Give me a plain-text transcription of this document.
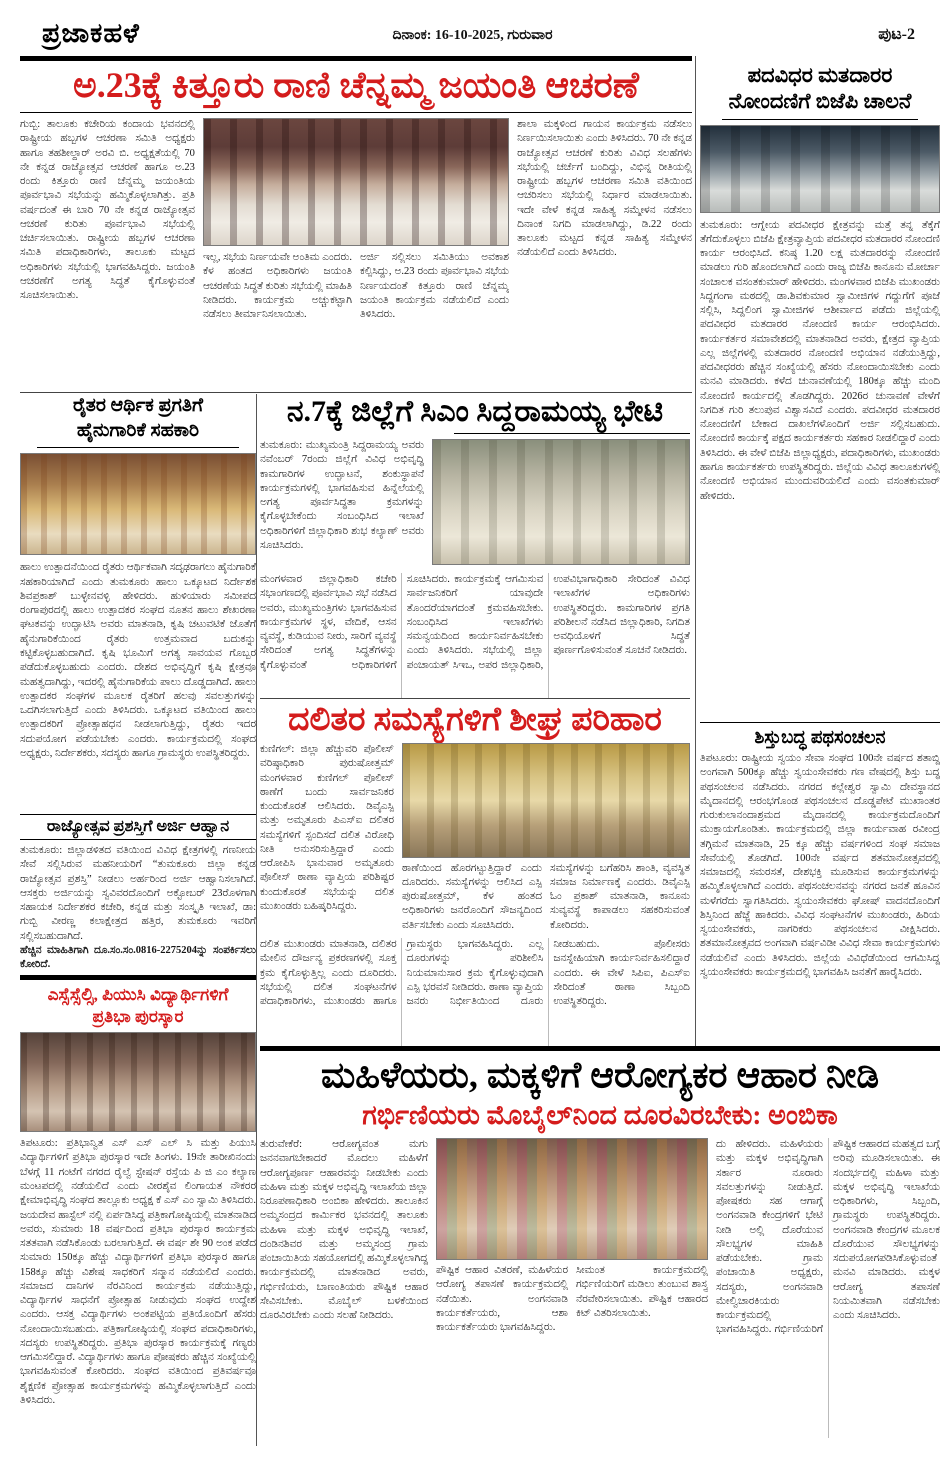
ಪ್ರಜಾಕಹಳೆ	ದಿನಾಂಕ: 16-10-2025, ಗುರುವಾರ	ಪುಟ-2
ಅ.23ಕ್ಕೆ ಕಿತ್ತೂರು ರಾಣಿ ಚೆನ್ನಮ್ಮ ಜಯಂತಿ ಆಚರಣೆ
ಗುಬ್ಬಿ: ತಾಲೂಕು ಕಚೇರಿಯ ಕಂದಾಯ ಭವನದಲ್ಲಿ ರಾಷ್ಟ್ರೀಯ ಹಬ್ಬಗಳ ಆಚರಣಾ ಸಮಿತಿ ಅಧ್ಯಕ್ಷರು ಹಾಗೂ ತಹಶೀಲ್ದಾರ್ ಅರವಿ ಬಿ. ಅಧ್ಯಕ್ಷತೆಯಲ್ಲಿ 70 ನೇ ಕನ್ನಡ ರಾಜ್ಯೋತ್ಸವ ಆಚರಣೆ ಹಾಗೂ ಅ.23 ರಂದು ಕಿತ್ತೂರು ರಾಣಿ ಚೆನ್ನಮ್ಮ ಜಯಂತಿಯ ಪೂರ್ವಭಾವಿ ಸಭೆಯನ್ನು ಹಮ್ಮಿಕೊಳ್ಳಲಾಗಿತ್ತು. ಪ್ರತಿ ವರ್ಷದಂತೆ ಈ ಬಾರಿ 70 ನೇ ಕನ್ನಡ ರಾಜ್ಯೋತ್ಸವ ಆಚರಣೆ ಕುರಿತು ಪೂರ್ವಭಾವಿ ಸಭೆಯಲ್ಲಿ ಚರ್ಚಿಸಲಾಯಿತು. ರಾಷ್ಟ್ರೀಯ ಹಬ್ಬಗಳ ಆಚರಣಾ ಸಮಿತಿ ಪದಾಧಿಕಾರಿಗಳು, ತಾಲೂಕು ಮಟ್ಟದ ಅಧಿಕಾರಿಗಳು ಸಭೆಯಲ್ಲಿ ಭಾಗವಹಿಸಿದ್ದರು. ಜಯಂತಿ ಆಚರಣೆಗೆ ಅಗತ್ಯ ಸಿದ್ಧತೆ ಕೈಗೊಳ್ಳುವಂತೆ ಸೂಚಿಸಲಾಯಿತು.
ಇಲ್ಲ, ಸಭೆಯ ನಿರ್ಣಯವೇ ಅಂತಿಮ ಎಂದರು. ಕೆಳ ಹಂತದ ಅಧಿಕಾರಿಗಳು ಜಯಂತಿ ಆಚರಣೆಯ ಸಿದ್ಧತೆ ಕುರಿತು ಸಭೆಯಲ್ಲಿ ಮಾಹಿತಿ ನೀಡಿದರು. ಕಾರ್ಯಕ್ರಮ ಅಚ್ಚುಕಟ್ಟಾಗಿ ನಡೆಸಲು ತೀರ್ಮಾನಿಸಲಾಯಿತು.
ಅರ್ಜಿ ಸಲ್ಲಿಸಲು ಸಮಿತಿಯು ಅವಕಾಶ ಕಲ್ಪಿಸಿದ್ದು, ಅ.23 ರಂದು ಪೂರ್ವಭಾವಿ ಸಭೆಯ ನಿರ್ಣಯದಂತೆ ಕಿತ್ತೂರು ರಾಣಿ ಚೆನ್ನಮ್ಮ ಜಯಂತಿ ಕಾರ್ಯಕ್ರಮ ನಡೆಯಲಿದೆ ಎಂದು ತಿಳಿಸಿದರು.
ಶಾಲಾ ಮಕ್ಕಳಿಂದ ಗಾಯನ ಕಾರ್ಯಕ್ರಮ ನಡೆಸಲು ನಿರ್ಣಯಿಸಲಾಯಿತು ಎಂದು ತಿಳಿಸಿದರು. 70 ನೇ ಕನ್ನಡ ರಾಜ್ಯೋತ್ಸವ ಆಚರಣೆ ಕುರಿತು ವಿವಿಧ ಸಲಹೆಗಳು ಸಭೆಯಲ್ಲಿ ಚರ್ಚೆಗೆ ಬಂದಿದ್ದು, ವಿಭಿನ್ನ ರೀತಿಯಲ್ಲಿ ರಾಷ್ಟ್ರೀಯ ಹಬ್ಬಗಳ ಆಚರಣಾ ಸಮಿತಿ ವತಿಯಿಂದ ಆಚರಿಸಲು ಸಭೆಯಲ್ಲಿ ನಿರ್ಧಾರ ಮಾಡಲಾಯಿತು. ಇದೇ ವೇಳೆ ಕನ್ನಡ ಸಾಹಿತ್ಯ ಸಮ್ಮೇಳನ ನಡೆಸಲು ದಿನಾಂಕ ನಿಗದಿ ಮಾಡಲಾಗಿದ್ದು, ಡಿ.22 ರಂದು ತಾಲೂಕು ಮಟ್ಟದ ಕನ್ನಡ ಸಾಹಿತ್ಯ ಸಮ್ಮೇಳನ ನಡೆಯಲಿದೆ ಎಂದು ತಿಳಿಸಿದರು.
ಪದವಿಧರ ಮತದಾರರ
ನೋಂದಣಿಗೆ ಬಿಜೆಪಿ ಚಾಲನೆ
ತುಮಕೂರು: ಆಗ್ನೇಯ ಪದವೀಧರ ಕ್ಷೇತ್ರವನ್ನು ಮತ್ತೆ ತನ್ನ ತೆಕ್ಕೆಗೆ ತೆಗೆದುಕೊಳ್ಳಲು ಬಿಜೆಪಿ ಕ್ಷೇತ್ರವ್ಯಾಪ್ತಿಯ ಪದವೀಧರ ಮತದಾರರ ನೋಂದಣಿ ಕಾರ್ಯ ಆರಂಭಿಸಿದೆ. ಕನಿಷ್ಠ 1.20 ಲಕ್ಷ ಮತದಾರರನ್ನು ನೋಂದಣಿ ಮಾಡಲು ಗುರಿ ಹೊಂದಲಾಗಿದೆ ಎಂದು ರಾಜ್ಯ ಬಿಜೆಪಿ ಕಾನೂನು ಮೋರ್ಚಾ ಸಂಚಾಲಕ ವಸಂತಕುಮಾರ್ ಹೇಳಿದರು. ಮಂಗಳವಾರ ಬಿಜೆಪಿ ಮುಖಂಡರು ಸಿದ್ದಗಂಗಾ ಮಠದಲ್ಲಿ ಡಾ.ಶಿವಕುಮಾರ ಸ್ವಾಮೀಜಿಗಳ ಗದ್ದುಗೆಗೆ ಪೂಜೆ ಸಲ್ಲಿಸಿ, ಸಿದ್ದಲಿಂಗ ಸ್ವಾಮೀಜಿಗಳ ಆಶೀರ್ವಾದ ಪಡೆದು ಜಿಲ್ಲೆಯಲ್ಲಿ ಪದವೀಧರ ಮತದಾರರ ನೋಂದಣಿ ಕಾರ್ಯ ಆರಂಭಿಸಿದರು. ಕಾರ್ಯಕರ್ತರ ಸಮಾವೇಶದಲ್ಲಿ ಮಾತನಾಡಿದ ಅವರು, ಕ್ಷೇತ್ರದ ವ್ಯಾಪ್ತಿಯ ಎಲ್ಲ ಜಿಲ್ಲೆಗಳಲ್ಲಿ ಮತದಾರರ ನೋಂದಣಿ ಅಭಿಯಾನ ನಡೆಯುತ್ತಿದ್ದು, ಪದವೀಧರರು ಹೆಚ್ಚಿನ ಸಂಖ್ಯೆಯಲ್ಲಿ ಹೆಸರು ನೋಂದಾಯಿಸಬೇಕು ಎಂದು ಮನವಿ ಮಾಡಿದರು. ಕಳೆದ ಚುನಾವಣೆಯಲ್ಲಿ 180ಕ್ಕೂ ಹೆಚ್ಚು ಮಂದಿ ನೋಂದಣಿ ಕಾರ್ಯದಲ್ಲಿ ತೊಡಗಿದ್ದರು. 2026ರ ಚುನಾವಣೆ ವೇಳೆಗೆ ನಿಗದಿತ ಗುರಿ ತಲುಪುವ ವಿಶ್ವಾಸವಿದೆ ಎಂದರು. ಪದವೀಧರ ಮತದಾರರ ನೋಂದಣಿಗೆ ಬೇಕಾದ ದಾಖಲೆಗಳೊಂದಿಗೆ ಅರ್ಜಿ ಸಲ್ಲಿಸಬಹುದು. ನೋಂದಣಿ ಕಾರ್ಯಕ್ಕೆ ಪಕ್ಷದ ಕಾರ್ಯಕರ್ತರು ಸಹಕಾರ ನೀಡಲಿದ್ದಾರೆ ಎಂದು ತಿಳಿಸಿದರು. ಈ ವೇಳೆ ಬಿಜೆಪಿ ಜಿಲ್ಲಾಧ್ಯಕ್ಷರು, ಪದಾಧಿಕಾರಿಗಳು, ಮುಖಂಡರು ಹಾಗೂ ಕಾರ್ಯಕರ್ತರು ಉಪಸ್ಥಿತರಿದ್ದರು. ಜಿಲ್ಲೆಯ ವಿವಿಧ ತಾಲೂಕುಗಳಲ್ಲಿ ನೋಂದಣಿ ಅಭಿಯಾನ ಮುಂದುವರಿಯಲಿದೆ ಎಂದು ವಸಂತಕುಮಾರ್ ಹೇಳಿದರು.
ರೈತರ ಆರ್ಥಿಕ ಪ್ರಗತಿಗೆ
ಹೈನುಗಾರಿಕೆ ಸಹಕಾರಿ
ಹಾಲು ಉತ್ಪಾದನೆಯಿಂದ ರೈತರು ಆರ್ಥಿಕವಾಗಿ ಸದೃಢರಾಗಲು ಹೈನುಗಾರಿಕೆ ಸಹಕಾರಿಯಾಗಿದೆ ಎಂದು ತುಮಕೂರು ಹಾಲು ಒಕ್ಕೂಟದ ನಿರ್ದೇಶಕ ಶಿವಪ್ರಕಾಶ್ ಬುಳ್ಳೇನವಳ್ಳಿ ಹೇಳಿದರು. ಹುಳಿಯಾರು ಸಮೀಪದ ರಂಗಾಪುರದಲ್ಲಿ ಹಾಲು ಉತ್ಪಾದಕರ ಸಂಘದ ನೂತನ ಹಾಲು ಶೇಖರಣಾ ಘಟಕವನ್ನು ಉದ್ಘಾಟಿಸಿ ಅವರು ಮಾತನಾಡಿ, ಕೃಷಿ ಚಟುವಟಿಕೆ ಜೊತೆಗೆ ಹೈನುಗಾರಿಕೆಯಿಂದ ರೈತರು ಉತ್ತಮವಾದ ಬದುಕನ್ನು ಕಟ್ಟಿಕೊಳ್ಳಬಹುದಾಗಿದೆ. ಕೃಷಿ ಭೂಮಿಗೆ ಅಗತ್ಯ ಸಾವಯವ ಗೊಬ್ಬರ ಪಡೆದುಕೊಳ್ಳಬಹುದು ಎಂದರು. ದೇಶದ ಅಭಿವೃದ್ಧಿಗೆ ಕೃಷಿ ಕ್ಷೇತ್ರವೂ ಮಹತ್ವದಾಗಿದ್ದು, ಇದರಲ್ಲಿ ಹೈನುಗಾರಿಕೆಯ ಪಾಲು ದೊಡ್ಡದಾಗಿದೆ. ಹಾಲು ಉತ್ಪಾದಕರ ಸಂಘಗಳ ಮೂಲಕ ರೈತರಿಗೆ ಹಲವು ಸವಲತ್ತುಗಳನ್ನು ಒದಗಿಸಲಾಗುತ್ತಿದೆ ಎಂದು ತಿಳಿಸಿದರು. ಒಕ್ಕೂಟದ ವತಿಯಿಂದ ಹಾಲು ಉತ್ಪಾದಕರಿಗೆ ಪ್ರೋತ್ಸಾಹಧನ ನೀಡಲಾಗುತ್ತಿದ್ದು, ರೈತರು ಇದರ ಸದುಪಯೋಗ ಪಡೆಯಬೇಕು ಎಂದರು. ಕಾರ್ಯಕ್ರಮದಲ್ಲಿ ಸಂಘದ ಅಧ್ಯಕ್ಷರು, ನಿರ್ದೇಶಕರು, ಸದಸ್ಯರು ಹಾಗೂ ಗ್ರಾಮಸ್ಥರು ಉಪಸ್ಥಿತರಿದ್ದರು.
ನ.7ಕ್ಕೆ ಜಿಲ್ಲೆಗೆ ಸಿಎಂ ಸಿದ್ದರಾಮಯ್ಯ ಭೇಟಿ
ತುಮಕೂರು: ಮುಖ್ಯಮಂತ್ರಿ ಸಿದ್ದರಾಮಯ್ಯ ಅವರು ನವೆಂಬರ್ 7ರಂದು ಜಿಲ್ಲೆಗೆ ವಿವಿಧ ಅಭಿವೃದ್ಧಿ ಕಾಮಗಾರಿಗಳ ಉದ್ಘಾಟನೆ, ಶಂಕುಸ್ಥಾಪನೆ ಕಾರ್ಯಕ್ರಮಗಳಲ್ಲಿ ಭಾಗವಹಿಸುವ ಹಿನ್ನೆಲೆಯಲ್ಲಿ ಅಗತ್ಯ ಪೂರ್ವಸಿದ್ಧತಾ ಕ್ರಮಗಳನ್ನು ಕೈಗೊಳ್ಳಬೇಕೆಂದು ಸಂಬಂಧಿಸಿದ ಇಲಾಖೆ ಅಧಿಕಾರಿಗಳಿಗೆ ಜಿಲ್ಲಾಧಿಕಾರಿ ಶುಭ ಕಲ್ಯಾಣ್ ಅವರು ಸೂಚಿಸಿದರು.
ಮಂಗಳವಾರ ಜಿಲ್ಲಾಧಿಕಾರಿ ಕಚೇರಿ ಸಭಾಂಗಣದಲ್ಲಿ ಪೂರ್ವಭಾವಿ ಸಭೆ ನಡೆಸಿದ ಅವರು, ಮುಖ್ಯಮಂತ್ರಿಗಳು ಭಾಗವಹಿಸುವ ಕಾರ್ಯಕ್ರಮಗಳ ಸ್ಥಳ, ವೇದಿಕೆ, ಆಸನ ವ್ಯವಸ್ಥೆ, ಕುಡಿಯುವ ನೀರು, ಸಾರಿಗೆ ವ್ಯವಸ್ಥೆ ಸೇರಿದಂತೆ ಅಗತ್ಯ ಸಿದ್ಧತೆಗಳನ್ನು ಕೈಗೊಳ್ಳುವಂತೆ ಅಧಿಕಾರಿಗಳಿಗೆ ಸೂಚಿಸಿದರು. ಕಾರ್ಯಕ್ರಮಕ್ಕೆ ಆಗಮಿಸುವ ಸಾರ್ವಜನಿಕರಿಗೆ ಯಾವುದೇ ತೊಂದರೆಯಾಗದಂತೆ ಕ್ರಮವಹಿಸಬೇಕು. ಸಂಬಂಧಿಸಿದ ಇಲಾಖೆಗಳು ಸಮನ್ವಯದಿಂದ ಕಾರ್ಯನಿರ್ವಹಿಸಬೇಕು ಎಂದು ತಿಳಿಸಿದರು. ಸಭೆಯಲ್ಲಿ ಜಿಲ್ಲಾ ಪಂಚಾಯತ್ ಸಿಇಒ, ಅಪರ ಜಿಲ್ಲಾಧಿಕಾರಿ, ಉಪವಿಭಾಗಾಧಿಕಾರಿ ಸೇರಿದಂತೆ ವಿವಿಧ ಇಲಾಖೆಗಳ ಅಧಿಕಾರಿಗಳು ಉಪಸ್ಥಿತರಿದ್ದರು. ಕಾಮಗಾರಿಗಳ ಪ್ರಗತಿ ಪರಿಶೀಲನೆ ನಡೆಸಿದ ಜಿಲ್ಲಾಧಿಕಾರಿ, ನಿಗದಿತ ಅವಧಿಯೊಳಗೆ ಸಿದ್ಧತೆ ಪೂರ್ಣಗೊಳಿಸುವಂತೆ ಸೂಚನೆ ನೀಡಿದರು.
ದಲಿತರ ಸಮಸ್ಯೆಗಳಿಗೆ ಶೀಘ್ರ ಪರಿಹಾರ
ಕುಣಿಗಲ್: ಜಿಲ್ಲಾ ಹೆಚ್ಚುವರಿ ಪೊಲೀಸ್ ವರಿಷ್ಠಾಧಿಕಾರಿ ಪುರುಷೋತ್ತಮ್ ಮಂಗಳವಾರ ಕುಣಿಗಲ್ ಪೊಲೀಸ್ ಠಾಣೆಗೆ ಬಂದು ಸಾರ್ವಜನಿಕರ ಕುಂದುಕೊರತೆ ಆಲಿಸಿದರು. ಡಿವೈಎಸ್ಪಿ ಮತ್ತು ಅಮೃತೂರು ಪಿಎಸ್ಐ ದಲಿತರ ಸಮಸ್ಯೆಗಳಿಗೆ ಸ್ಪಂದಿಸದೆ ದಲಿತ ವಿರೋಧಿ ನೀತಿ ಅನುಸರಿಸುತ್ತಿದ್ದಾರೆ ಎಂದು ಆರೋಪಿಸಿ ಭಾನುವಾರ ಅಮೃತೂರು ಪೊಲೀಸ್ ಠಾಣಾ ವ್ಯಾಪ್ತಿಯ ಪರಿಶಿಷ್ಟರ ಕುಂದುಕೊರತೆ ಸಭೆಯನ್ನು ದಲಿತ ಮುಖಂಡರು ಬಹಿಷ್ಕರಿಸಿದ್ದರು.
ಠಾಣೆಯಿಂದ ಹೊರಗಟ್ಟುತ್ತಿದ್ದಾರೆ ಎಂದು ದೂರಿದರು. ಸಮಸ್ಯೆಗಳನ್ನು ಆಲಿಸಿದ ಎಸ್ಪಿ ಪುರುಷೋತ್ತಮ್, ಕೆಳ ಹಂತದ ಅಧಿಕಾರಿಗಳು ಜನರೊಂದಿಗೆ ಸೌಜನ್ಯದಿಂದ ವರ್ತಿಸಬೇಕು ಎಂದು ಸೂಚಿಸಿದರು.
ಸಮಸ್ಯೆಗಳನ್ನು ಬಗೆಹರಿಸಿ ಶಾಂತಿ, ವ್ಯವಸ್ಥಿತ ಸಮಾಜ ನಿರ್ಮಾಣಕ್ಕೆ ಎಂದರು. ಡಿವೈಎಸ್ಪಿ ಓಂ ಪ್ರಕಾಶ್ ಮಾತನಾಡಿ, ಕಾನೂನು ಸುವ್ಯವಸ್ಥೆ ಕಾಪಾಡಲು ಸಹಕರಿಸುವಂತೆ ಕೋರಿದರು.
ದಲಿತ ಮುಖಂಡರು ಮಾತನಾಡಿ, ದಲಿತರ ಮೇಲಿನ ದೌರ್ಜನ್ಯ ಪ್ರಕರಣಗಳಲ್ಲಿ ಸೂಕ್ತ ಕ್ರಮ ಕೈಗೊಳ್ಳುತ್ತಿಲ್ಲ ಎಂದು ದೂರಿದರು. ಸಭೆಯಲ್ಲಿ ದಲಿತ ಸಂಘಟನೆಗಳ ಪದಾಧಿಕಾರಿಗಳು, ಮುಖಂಡರು ಹಾಗೂ ಗ್ರಾಮಸ್ಥರು ಭಾಗವಹಿಸಿದ್ದರು. ಎಲ್ಲ ದೂರುಗಳನ್ನು ಪರಿಶೀಲಿಸಿ ನಿಯಮಾನುಸಾರ ಕ್ರಮ ಕೈಗೊಳ್ಳುವುದಾಗಿ ಎಸ್ಪಿ ಭರವಸೆ ನೀಡಿದರು. ಠಾಣಾ ವ್ಯಾಪ್ತಿಯ ಜನರು ನಿರ್ಭೀತಿಯಿಂದ ದೂರು ನೀಡಬಹುದು. ಪೊಲೀಸರು ಜನಸ್ನೇಹಿಯಾಗಿ ಕಾರ್ಯನಿರ್ವಹಿಸಲಿದ್ದಾರೆ ಎಂದರು. ಈ ವೇಳೆ ಸಿಪಿಐ, ಪಿಎಸ್ಐ ಸೇರಿದಂತೆ ಠಾಣಾ ಸಿಬ್ಬಂದಿ ಉಪಸ್ಥಿತರಿದ್ದರು.
ಶಿಸ್ತುಬದ್ಧ ಪಥಸಂಚಲನ
ತಿಪಟೂರು: ರಾಷ್ಟ್ರೀಯ ಸ್ವಯಂ ಸೇವಾ ಸಂಘದ 100ನೇ ವರ್ಷದ ಶತಾಬ್ದಿ ಅಂಗವಾಗಿ 500ಕ್ಕೂ ಹೆಚ್ಚು ಸ್ವಯಂಸೇವಕರು ಗಣ ವೇಷದಲ್ಲಿ ಶಿಸ್ತು ಬದ್ಧ ಪಥಸಂಚಲನ ನಡೆಸಿದರು. ನಗರದ ಕಲ್ಲೇಶ್ವರ ಸ್ವಾಮಿ ದೇವಸ್ಥಾನದ ಮೈದಾನದಲ್ಲಿ ಆರಂಭಗೊಂಡ ಪಥಸಂಚಲನ ದೊಡ್ಡಪೇಟೆ ಮುಖಾಂತರ ಗುರುಕುಲಾನಂದಾಶ್ರಮದ ಮೈದಾನದಲ್ಲಿ ಕಾರ್ಯಕ್ರಮದೊಂದಿಗೆ ಮುಕ್ತಾಯಗೊಂಡಿತು. ಕಾರ್ಯಕ್ರಮದಲ್ಲಿ ಜಿಲ್ಲಾ ಕಾರ್ಯವಾಹ ರವೀಂದ್ರ ತಗ್ಗಿಮನೆ ಮಾತನಾಡಿ, 25 ಕ್ಕೂ ಹೆಚ್ಚು ವರ್ಷಗಳಿಂದ ಸಂಘ ಸಮಾಜ ಸೇವೆಯಲ್ಲಿ ತೊಡಗಿದೆ. 100ನೇ ವರ್ಷದ ಶತಮಾನೋತ್ಸವದಲ್ಲಿ ಸಮಾಜದಲ್ಲಿ ಸಮರಸತೆ, ದೇಶಭಕ್ತಿ ಮೂಡಿಸುವ ಕಾರ್ಯಕ್ರಮಗಳನ್ನು ಹಮ್ಮಿಕೊಳ್ಳಲಾಗಿದೆ ಎಂದರು. ಪಥಸಂಚಲನವನ್ನು ನಗರದ ಜನತೆ ಹೂವಿನ ಮಳೆಗರೆದು ಸ್ವಾಗತಿಸಿದರು. ಸ್ವಯಂಸೇವಕರು ಘೋಷ್ ವಾದನದೊಂದಿಗೆ ಶಿಸ್ತಿನಿಂದ ಹೆಜ್ಜೆ ಹಾಕಿದರು. ವಿವಿಧ ಸಂಘಟನೆಗಳ ಮುಖಂಡರು, ಹಿರಿಯ ಸ್ವಯಂಸೇವಕರು, ನಾಗರಿಕರು ಪಥಸಂಚಲನ ವೀಕ್ಷಿಸಿದರು. ಶತಮಾನೋತ್ಸವದ ಅಂಗವಾಗಿ ವರ್ಷವಿಡೀ ವಿವಿಧ ಸೇವಾ ಕಾರ್ಯಕ್ರಮಗಳು ನಡೆಯಲಿವೆ ಎಂದು ತಿಳಿಸಿದರು. ಜಿಲ್ಲೆಯ ವಿವಿಧೆಡೆಯಿಂದ ಆಗಮಿಸಿದ್ದ ಸ್ವಯಂಸೇವಕರು ಕಾರ್ಯಕ್ರಮದಲ್ಲಿ ಭಾಗವಹಿಸಿ ಜನತೆಗೆ ಹಾರೈಸಿದರು.
ರಾಜ್ಯೋತ್ಸವ ಪ್ರಶಸ್ತಿಗೆ ಅರ್ಜಿ ಆಹ್ವಾನ
ತುಮಕೂರು: ಜಿಲ್ಲಾಡಳಿತದ ವತಿಯಿಂದ ವಿವಿಧ ಕ್ಷೇತ್ರಗಳಲ್ಲಿ ಗಣನೀಯ ಸೇವೆ ಸಲ್ಲಿಸಿರುವ ಮಹನೀಯರಿಗೆ “ತುಮಕೂರು ಜಿಲ್ಲಾ ಕನ್ನಡ ರಾಜ್ಯೋತ್ಸವ ಪ್ರಶಸ್ತಿ” ನೀಡಲು ಅರ್ಹರಿಂದ ಅರ್ಜಿ ಆಹ್ವಾನಿಸಲಾಗಿದೆ. ಆಸಕ್ತರು ಅರ್ಜಿಯನ್ನು ಸ್ವವಿವರದೊಂದಿಗೆ ಅಕ್ಟೋಬರ್ 23ರೊಳಗಾಗಿ ಸಹಾಯಕ ನಿರ್ದೇಶಕರ ಕಚೇರಿ, ಕನ್ನಡ ಮತ್ತು ಸಂಸ್ಕೃತಿ ಇಲಾಖೆ, ಡಾ: ಗುಬ್ಬಿ ವೀರಣ್ಣ ಕಲಾಕ್ಷೇತ್ರದ ಹತ್ತಿರ, ತುಮಕೂರು ಇವರಿಗೆ ಸಲ್ಲಿಸಬಹುದಾಗಿದೆ.
ಹೆಚ್ಚಿನ ಮಾಹಿತಿಗಾಗಿ ದೂ.ಸಂ.ಸಂ.0816-2275204ನ್ನು ಸಂಪರ್ಕಿಸಲು ಕೋರಿದೆ.
ಎಸ್ಸೆಸ್ಸೆಲ್ಸಿ, ಪಿಯುಸಿ ವಿದ್ಯಾರ್ಥಿಗಳಿಗೆ
ಪ್ರತಿಭಾ ಪುರಸ್ಕಾರ
ತಿಪಟೂರು: ಪ್ರತಿಭಾನ್ವಿತ ಎಸ್ ಎಸ್ ಎಲ್ ಸಿ ಮತ್ತು ಪಿಯುಸಿ ವಿದ್ಯಾರ್ಥಿಗಳಿಗೆ ಪ್ರತಿಭಾ ಪುರಸ್ಕಾರ ಇದೇ ತಿಂಗಳು. 19ನೇ ತಾರೀಖಿನಂದು ಬೆಳಗ್ಗೆ 11 ಗಂಟೆಗೆ ನಗರದ ರೈಲ್ವೆ ಸ್ಟೇಷನ್ ರಸ್ತೆಯ ಪಿ ಜಿ ಎಂ ಕಲ್ಯಾಣ ಮಂಟಪದಲ್ಲಿ ನಡೆಯಲಿದೆ ಎಂದು ವೀರಶೈವ ಲಿಂಗಾಯತ ನೌಕರರ ಕ್ಷೇಮಾಭಿವೃದ್ಧಿ ಸಂಘದ ತಾಲ್ಲೂಕು ಅಧ್ಯಕ್ಷ ಕೆ ಎಸ್ ಎಂ ಸ್ವಾಮಿ ತಿಳಿಸಿದರು. ಜಯದೇವ ಹಾಸ್ಟೆಲ್ ನಲ್ಲಿ ಏರ್ಪಡಿಸಿದ್ದ ಪತ್ರಿಕಾಗೋಷ್ಠಿಯಲ್ಲಿ ಮಾತನಾಡಿದ ಅವರು, ಸುಮಾರು 18 ವರ್ಷದಿಂದ ಪ್ರತಿಭಾ ಪುರಸ್ಕಾರ ಕಾರ್ಯಕ್ರಮ ಸತತವಾಗಿ ನಡೆಸಿಕೊಂಡು ಬರಲಾಗುತ್ತಿದೆ. ಈ ವರ್ಷ ಶೇ 90 ಅಂಕ ಪಡೆದ ಸುಮಾರು 150ಕ್ಕೂ ಹೆಚ್ಚು ವಿದ್ಯಾರ್ಥಿಗಳಿಗೆ ಪ್ರತಿಭಾ ಪುರಸ್ಕಾರ ಹಾಗೂ 158ಕ್ಕೂ ಹೆಚ್ಚು ವಿಶೇಷ ಸಾಧಕರಿಗೆ ಸನ್ಮಾನ ನಡೆಯಲಿದೆ ಎಂದರು. ಸಮಾಜದ ದಾನಿಗಳ ನೆರವಿನಿಂದ ಕಾರ್ಯಕ್ರಮ ನಡೆಯುತ್ತಿದ್ದು, ವಿದ್ಯಾರ್ಥಿಗಳ ಸಾಧನೆಗೆ ಪ್ರೋತ್ಸಾಹ ನೀಡುವುದು ಸಂಘದ ಉದ್ದೇಶ ಎಂದರು. ಆಸಕ್ತ ವಿದ್ಯಾರ್ಥಿಗಳು ಅಂಕಪಟ್ಟಿಯ ಪ್ರತಿಯೊಂದಿಗೆ ಹೆಸರು ನೋಂದಾಯಿಸಬಹುದು. ಪತ್ರಿಕಾಗೋಷ್ಠಿಯಲ್ಲಿ ಸಂಘದ ಪದಾಧಿಕಾರಿಗಳು, ಸದಸ್ಯರು ಉಪಸ್ಥಿತರಿದ್ದರು. ಪ್ರತಿಭಾ ಪುರಸ್ಕಾರ ಕಾರ್ಯಕ್ರಮಕ್ಕೆ ಗಣ್ಯರು ಆಗಮಿಸಲಿದ್ದಾರೆ. ವಿದ್ಯಾರ್ಥಿಗಳು ಹಾಗೂ ಪೋಷಕರು ಹೆಚ್ಚಿನ ಸಂಖ್ಯೆಯಲ್ಲಿ ಭಾಗವಹಿಸುವಂತೆ ಕೋರಿದರು. ಸಂಘದ ವತಿಯಿಂದ ಪ್ರತಿವರ್ಷವೂ ಶೈಕ್ಷಣಿಕ ಪ್ರೋತ್ಸಾಹ ಕಾರ್ಯಕ್ರಮಗಳನ್ನು ಹಮ್ಮಿಕೊಳ್ಳಲಾಗುತ್ತಿದೆ ಎಂದು ತಿಳಿಸಿದರು.
ಮಹಿಳೆಯರು, ಮಕ್ಕಳಿಗೆ ಆರೋಗ್ಯಕರ ಆಹಾರ ನೀಡಿ
ಗರ್ಭಿಣಿಯರು ಮೊಬೈಲ್‌ನಿಂದ ದೂರವಿರಬೇಕು: ಅಂಬಿಕಾ
ತುರುವೇಕೆರೆ: ಆರೋಗ್ಯವಂತ ಮಗು ಜನನವಾಗಬೇಕಾದರೆ ಮೊದಲು ಮಹಿಳೆಗೆ ಆರೋಗ್ಯಪೂರ್ಣ ಆಹಾರವನ್ನು ನೀಡಬೇಕು ಎಂದು ಮಹಿಳಾ ಮತ್ತು ಮಕ್ಕಳ ಅಭಿವೃದ್ಧಿ ಇಲಾಖೆಯ ಜಿಲ್ಲಾ ನಿರೂಪಣಾಧಿಕಾರಿ ಅಂಬಿಕಾ ಹೇಳಿದರು. ತಾಲೂಕಿನ ಅಮ್ಮಸಂದ್ರದ ಕಾರ್ಮಿಕರ ಭವನದಲ್ಲಿ ತಾಲೂಕು ಮಹಿಳಾ ಮತ್ತು ಮಕ್ಕಳ ಅಭಿವೃದ್ಧಿ ಇಲಾಖೆ, ದಂಡಿನಶಿವರ ಮತ್ತು ಅಮ್ಮಸಂದ್ರ ಗ್ರಾಮ ಪಂಚಾಯಿತಿಯ ಸಹಯೋಗದಲ್ಲಿ ಹಮ್ಮಿಕೊಳ್ಳಲಾಗಿದ್ದ ಕಾರ್ಯಕ್ರಮದಲ್ಲಿ ಮಾತನಾಡಿದ ಅವರು, ಗರ್ಭಿಣಿಯರು, ಬಾಣಂತಿಯರು ಪೌಷ್ಟಿಕ ಆಹಾರ ಸೇವಿಸಬೇಕು. ಮೊಬೈಲ್ ಬಳಕೆಯಿಂದ ದೂರವಿರಬೇಕು ಎಂದು ಸಲಹೆ ನೀಡಿದರು.
ಪೌಷ್ಟಿಕ ಆಹಾರ ವಿತರಣೆ, ಮಹಿಳೆಯರ ಆರೋಗ್ಯ ತಪಾಸಣೆ ಕಾರ್ಯಕ್ರಮದಲ್ಲಿ ನಡೆಯಿತು. ಅಂಗನವಾಡಿ ಕಾರ್ಯಕರ್ತೆಯರು, ಆಶಾ ಕಾರ್ಯಕರ್ತೆಯರು ಭಾಗವಹಿಸಿದ್ದರು.
ಸೀಮಂತ ಕಾರ್ಯಕ್ರಮದಲ್ಲಿ ಗರ್ಭಿಣಿಯರಿಗೆ ಮಡಿಲು ತುಂಬುವ ಶಾಸ್ತ್ರ ನೆರವೇರಿಸಲಾಯಿತು. ಪೌಷ್ಟಿಕ ಆಹಾರದ ಕಿಟ್ ವಿತರಿಸಲಾಯಿತು.
ದು ಹೇಳಿದರು. ಮಹಿಳೆಯರು ಮತ್ತು ಮಕ್ಕಳ ಅಭಿವೃದ್ಧಿಗಾಗಿ ಸರ್ಕಾರ ನೂರಾರು ಸವಲತ್ತುಗಳನ್ನು ನೀಡುತ್ತಿದೆ. ಪೋಷಕರು ಸಹ ಆಗಾಗ್ಗೆ ಅಂಗನವಾಡಿ ಕೇಂದ್ರಗಳಿಗೆ ಭೇಟಿ ನೀಡಿ ಅಲ್ಲಿ ದೊರೆಯುವ ಸೌಲಭ್ಯಗಳ ಮಾಹಿತಿ ಪಡೆಯಬೇಕು. ಗ್ರಾಮ ಪಂಚಾಯಿತಿ ಅಧ್ಯಕ್ಷರು, ಸದಸ್ಯರು, ಅಂಗನವಾಡಿ ಮೇಲ್ವಿಚಾರಕಿಯರು ಕಾರ್ಯಕ್ರಮದಲ್ಲಿ ಭಾಗವಹಿಸಿದ್ದರು. ಗರ್ಭಿಣಿಯರಿಗೆ ಪೌಷ್ಟಿಕ ಆಹಾರದ ಮಹತ್ವದ ಬಗ್ಗೆ ಅರಿವು ಮೂಡಿಸಲಾಯಿತು. ಈ ಸಂದರ್ಭದಲ್ಲಿ ಮಹಿಳಾ ಮತ್ತು ಮಕ್ಕಳ ಅಭಿವೃದ್ಧಿ ಇಲಾಖೆಯ ಅಧಿಕಾರಿಗಳು, ಸಿಬ್ಬಂದಿ, ಗ್ರಾಮಸ್ಥರು ಉಪಸ್ಥಿತರಿದ್ದರು. ಅಂಗನವಾಡಿ ಕೇಂದ್ರಗಳ ಮೂಲಕ ದೊರೆಯುವ ಸೌಲಭ್ಯಗಳನ್ನು ಸದುಪಯೋಗಪಡಿಸಿಕೊಳ್ಳುವಂತೆ ಮನವಿ ಮಾಡಿದರು. ಮಕ್ಕಳ ಆರೋಗ್ಯ ತಪಾಸಣೆ ನಿಯಮಿತವಾಗಿ ನಡೆಸಬೇಕು ಎಂದು ಸೂಚಿಸಿದರು.
